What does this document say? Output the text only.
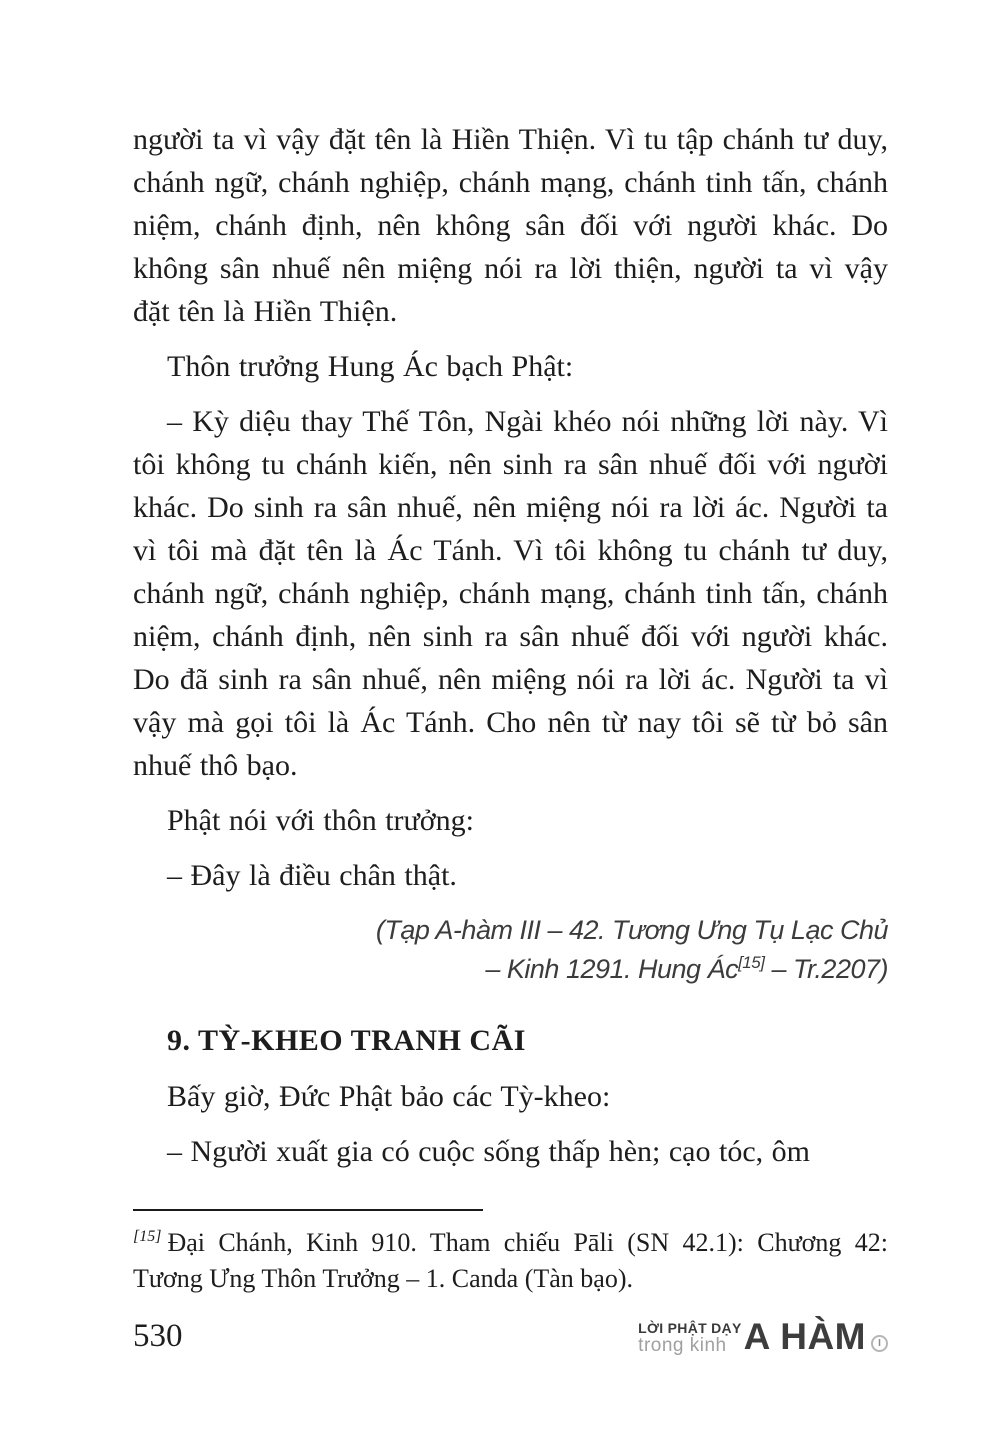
người ta vì vậy đặt tên là Hiền Thiện. Vì tu tập chánh tư duy, chánh ngữ, chánh nghiệp, chánh mạng, chánh tinh tấn, chánh niệm, chánh định, nên không sân đối với người khác. Do không sân nhuế nên miệng nói ra lời thiện, người ta vì vậy đặt tên là Hiền Thiện.

Thôn trưởng Hung Ác bạch Phật:

– Kỳ diệu thay Thế Tôn, Ngài khéo nói những lời này. Vì tôi không tu chánh kiến, nên sinh ra sân nhuế đối với người khác. Do sinh ra sân nhuế, nên miệng nói ra lời ác. Người ta vì tôi mà đặt tên là Ác Tánh. Vì tôi không tu chánh tư duy, chánh ngữ, chánh nghiệp, chánh mạng, chánh tinh tấn, chánh niệm, chánh định, nên sinh ra sân nhuế đối với người khác. Do đã sinh ra sân nhuế, nên miệng nói ra lời ác. Người ta vì vậy mà gọi tôi là Ác Tánh. Cho nên từ nay tôi sẽ từ bỏ sân nhuế thô bạo.

Phật nói với thôn trưởng:

– Đây là điều chân thật.

(Tạp A-hàm III – 42. Tương Ưng Tụ Lạc Chủ
– Kinh 1291. Hung Ác[15] – Tr.2207)
9. TỲ-KHEO TRANH CÃI

Bấy giờ, Đức Phật bảo các Tỳ-kheo:

– Người xuất gia có cuộc sống thấp hèn; cạo tóc, ôm

[15] Đại Chánh, Kinh 910. Tham chiếu Pāli (SN 42.1): Chương 42: Tương Ưng Thôn Trưởng – 1. Canda (Tàn bạo).

530	LỜI PHẬT DẠY
trong kinh A HÀM I
